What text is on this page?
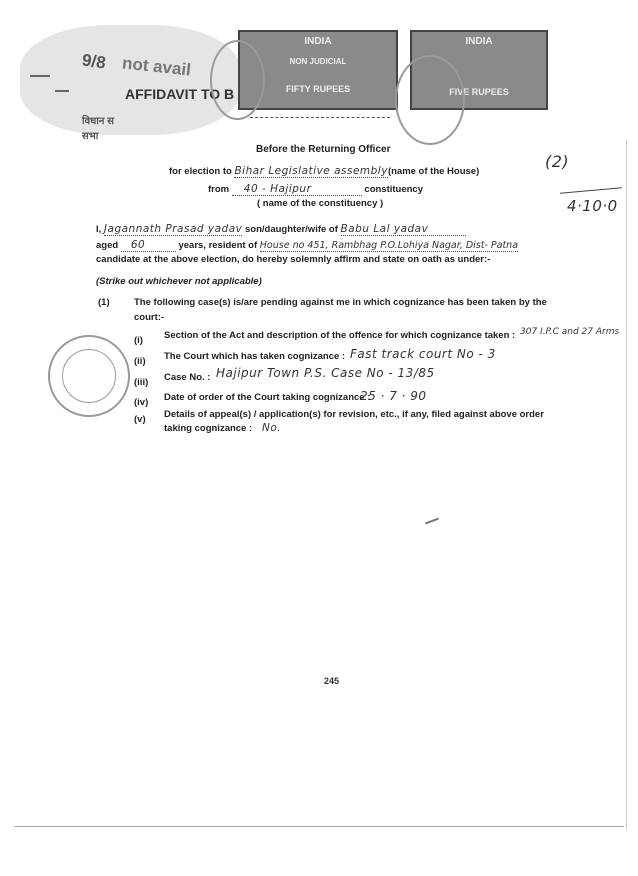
9/8 not avail
AFFIDAVIT TO B
विधान स
सभा
INDIA
NON JUDICIAL
FIFTY RUPEES
INDIA
FIVE RUPEES
(2)
4·10·0
Before the Returning Officer
for election to Bihar Legislative assembly(name of the House)
from 40 - Hajipur	constituency
( name of the constituency )
I, Jagannath Prasad yadav son/daughter/wife of Babu Lal yadav
aged 60	years, resident of House no 451, Rambhag P.O.Lohiya Nagar, Dist- Patna
candidate at the above election, do hereby solemnly affirm and state on oath as under:-
(Strike out whichever not applicable)
(1)	The following case(s) is/are pending against me in which cognizance has been taken by the
court:-
(i) Section of the Act and description of the offence for which cognizance taken : 307 I.P.C and 27 Arms
(ii) The Court which has taken cognizance : Fast track court No - 3
(iii) Case No. : Hajipur Town P.S. Case No - 13/85
(iv) Date of order of the Court taking cognizance :
25 · 7 · 90
(v) Details of appeal(s) / application(s) for revision, etc., if any, filed against above order
taking cognizance : No.
245
